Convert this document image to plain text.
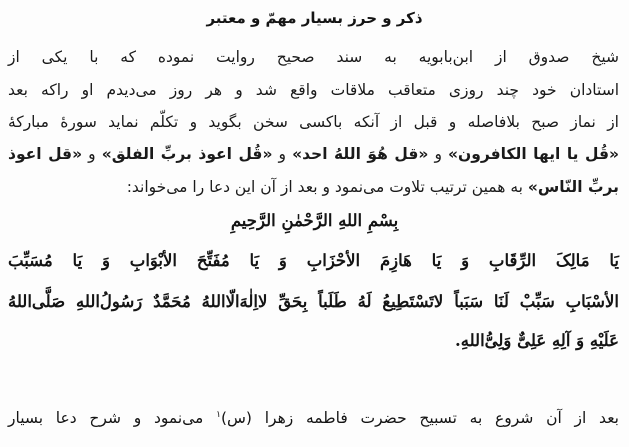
ذکر و حرز بسیار مهمّ و معتبر
شیخ صدوق از ابن‌بابویه به سند صحیح روایت نموده که با یکی از
استادان خود چند روزی متعاقب ملاقات واقع شد و هر روز می‌دیدم او راکه بعد
از نماز صبح بلافاصله و قبل از آنکه باکسی سخن بگوید و تکلّم نماید سورهٔ مبارکهٔ
«قُل یا ایها الکافرون» و «قل هُوَ اللهُ احد» و «قُل اعوذ بربِّ الفلق» و «قل اعوذ
بربِّ النّاس» به همین ترتیب تلاوت می‌نمود و بعد از آن این دعا را می‌خواند:
بِسْمِ اللهِ الرَّحْمٰنِ الرَّحِیمِ
یَا مَالِکَ الرِّقَابِ وَ یَا هَازِمَ الأحْزَابِ وَ یَا مُفَتِّحَ الأبْوَابِ وَ یَا مُسَبِّبَ
الأسْبَابِ سَبِّبْ لَنَا سَبَباً لاتَسْتَطِیعُ لَهُ طَلَباً بِحَقِّ لااِلٰهَ‌الّااللهُ مُحَمَّدٌ رَسُولُ‌اللهِ صَلَّی‌اللهُ
عَلَیْهِ وَ آلِهِ عَلِیٌّ وَلِیُّ‌اللهِ.
بعد از آن شروع به تسبیح حضرت فاطمه زهرا (س)$^۱$ می‌نمود و شرح دعا بسیار
